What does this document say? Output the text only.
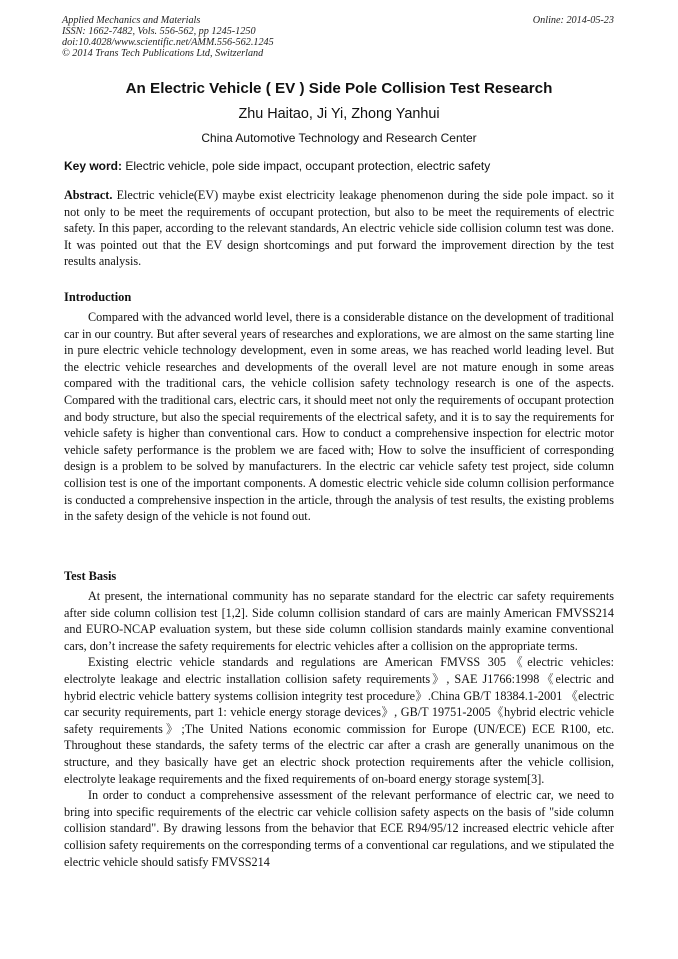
Applied Mechanics and Materials
ISSN: 1662-7482, Vols. 556-562, pp 1245-1250
doi:10.4028/www.scientific.net/AMM.556-562.1245
© 2014 Trans Tech Publications Ltd, Switzerland
Online: 2014-05-23
An Electric Vehicle ( EV ) Side Pole Collision Test Research
Zhu Haitao, Ji Yi, Zhong Yanhui
China Automotive Technology and Research Center
Key word: Electric vehicle, pole side impact, occupant protection, electric safety

Abstract. Electric vehicle(EV) maybe exist electricity leakage phenomenon during the side pole impact. so it not only to be meet the requirements of occupant protection, but also to be meet the requirements of electric safety. In this paper, according to the relevant standards, An electric vehicle side collision column test was done. It was pointed out that the EV design shortcomings and put forward the improvement direction by the test results analysis.

Introduction

Compared with the advanced world level, there is a considerable distance on the development of traditional car in our country. But after several years of researches and explorations, we are almost on the same starting line in pure electric vehicle technology development, even in some areas, we has reached world leading level. But the electric vehicle researches and developments of the overall level are not mature enough in some areas compared with the traditional cars, the vehicle collision safety technology research is one of the aspects. Compared with the traditional cars, electric cars, it should meet not only the requirements of occupant protection and body structure, but also the special requirements of the electrical safety, and it is to say the requirements for vehicle safety is higher than conventional cars. How to conduct a comprehensive inspection for electric motor vehicle safety performance is the problem we are faced with; How to solve the insufficient of corresponding design is a problem to be solved by manufacturers. In the electric car vehicle safety test project, side column collision test is one of the important components. A domestic electric vehicle side column collision performance is conducted a comprehensive inspection in the article, through the analysis of test results, the existing problems in the safety design of the vehicle is not found out.

Test Basis

At present, the international community has no separate standard for the electric car safety requirements after side column collision test [1,2]. Side column collision standard of cars are mainly American FMVSS214 and EURO-NCAP evaluation system, but these side column collision standards mainly examine conventional cars, don’t increase the safety requirements for electric vehicles after a collision on the appropriate terms.

Existing electric vehicle standards and regulations are American FMVSS 305《electric vehicles: electrolyte leakage and electric installation collision safety requirements》, SAE J1766:1998《electric and hybrid electric vehicle battery systems collision integrity test procedure》.China GB/T 18384.1-2001 《electric car security requirements, part 1: vehicle energy storage devices》, GB/T 19751-2005《hybrid electric vehicle safety requirements》;The United Nations economic commission for Europe (UN/ECE) ECE R100, etc. Throughout these standards, the safety terms of the electric car after a crash are generally unanimous on the structure, and they basically have get an electric shock protection requirements after the vehicle collision, electrolyte leakage requirements and the fixed requirements of on-board energy storage system[3].

In order to conduct a comprehensive assessment of the relevant performance of electric car, we need to bring into specific requirements of the electric car vehicle collision safety aspects on the basis of "side column collision standard". By drawing lessons from the behavior that ECE R94/95/12 increased electric vehicle after collision safety requirements on the corresponding terms of a conventional car regulations, and we stipulated the electric vehicle should satisfy FMVSS214
